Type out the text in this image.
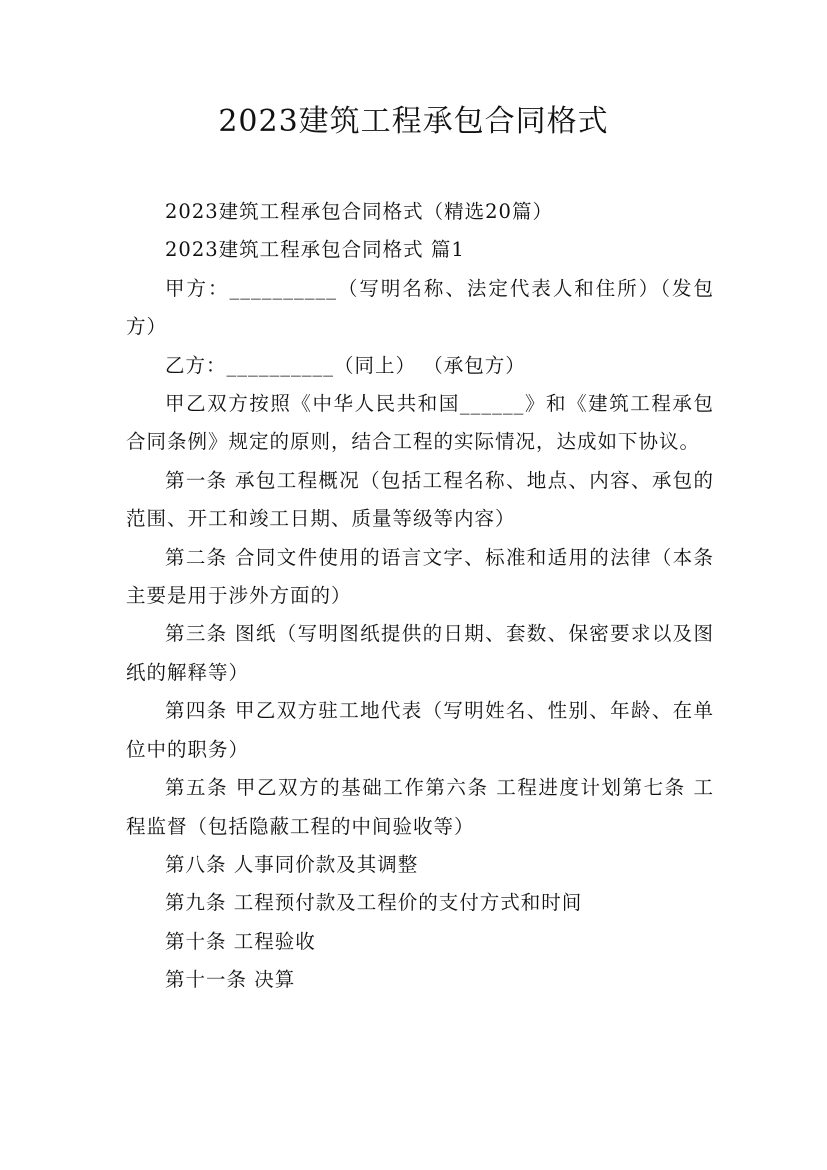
2023建筑工程承包合同格式

2023建筑工程承包合同格式（精选20篇）

2023建筑工程承包合同格式 篇1

甲方：__________（写明名称、法定代表人和住所）（发包方）

乙方：__________（同上） （承包方）

甲乙双方按照《中华人民共和国______》和《建筑工程承包合同条例》规定的原则，结合工程的实际情况，达成如下协议。

第一条 承包工程概况（包括工程名称、地点、内容、承包的范围、开工和竣工日期、质量等级等内容）

第二条 合同文件使用的语言文字、标准和适用的法律（本条主要是用于涉外方面的）

第三条 图纸（写明图纸提供的日期、套数、保密要求以及图纸的解释等）

第四条 甲乙双方驻工地代表（写明姓名、性别、年龄、在单位中的职务）

第五条 甲乙双方的基础工作第六条 工程进度计划第七条 工程监督（包括隐蔽工程的中间验收等）

第八条 人事同价款及其调整

第九条 工程预付款及工程价的支付方式和时间

第十条 工程验收

第十一条 决算
